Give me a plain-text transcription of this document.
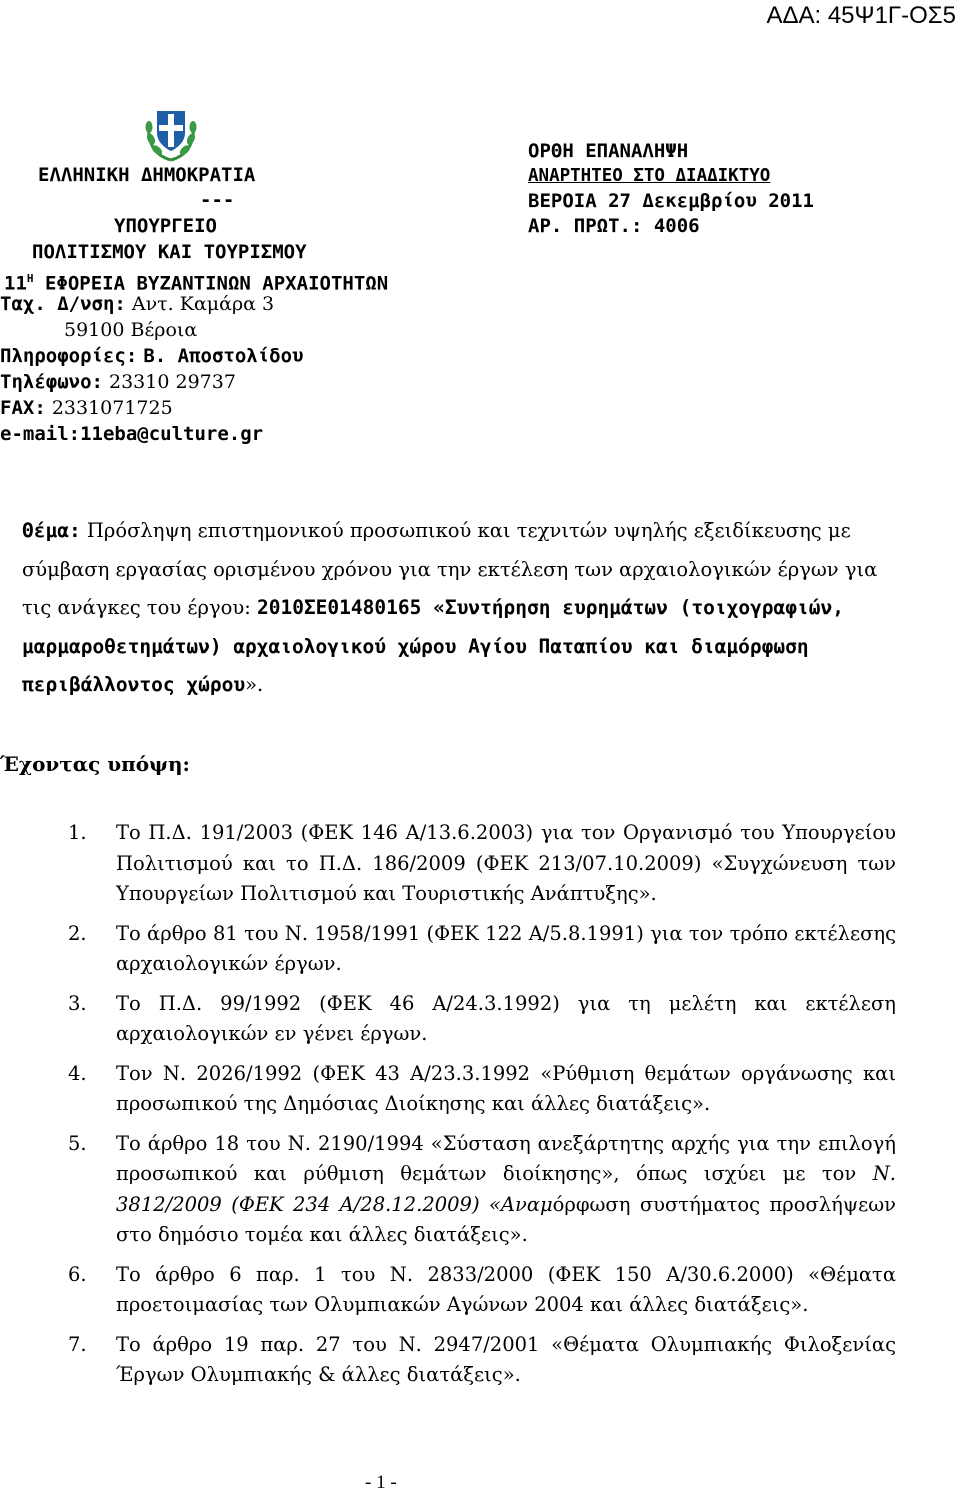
ΑΔΑ: 45Ψ1Γ-ΟΣ5
ΕΛΛΗΝΙΚΗ ΔΗΜΟΚΡΑΤΙΑ
---
ΥΠΟΥΡΓΕΙΟ
ΠΟΛΙΤΙΣΜΟΥ ΚΑΙ ΤΟΥΡΙΣΜΟΥ
$11^H$ ΕΦΟΡΕΙΑ ΒΥΖΑΝΤΙΝΩΝ ΑΡΧΑΙΟΤΗΤΩΝ
Ταχ. Δ/νση: Αντ. Καμάρα 3
59100 Βέροια
Πληροφορίες: Β. Αποστολίδου
Τηλέφωνο: 23310 29737
FAX: 2331071725
e-mail:11eba@culture.gr
ΟΡΘΗ ΕΠΑΝΑΛΗΨΗ
ΑΝΑΡΤΗΤΕΟ ΣΤΟ ΔΙΑΔΙΚΤΥΟ
ΒΕΡΟΙΑ 27 Δεκεμβρίου 2011
ΑΡ. ΠΡΩΤ.: 4006
Θέμα: Πρόσληψη επιστημονικού προσωπικού και τεχνιτών υψηλής εξειδίκευσης με σύμβαση εργασίας ορισμένου χρόνου για την εκτέλεση των αρχαιολογικών έργων για τις ανάγκες του έργου: 2010ΣΕ01480165 «Συντήρηση ευρημάτων (τοιχογραφιών, μαρμαροθετημάτων) αρχαιολογικού χώρου Αγίου Παταπίου και διαμόρφωση περιβάλλοντος χώρου».
Έχοντας υπόψη:
1.	Το Π.Δ. 191/2003 (ΦΕΚ 146 Α/13.6.2003) για τον Οργανισμό του Υπουργείου Πολιτισμού και το Π.Δ. 186/2009 (ΦΕΚ 213/07.10.2009) «Συγχώνευση των Υπουργείων Πολιτισμού και Τουριστικής Ανάπτυξης».
2.	Το άρθρο 81 του Ν. 1958/1991 (ΦΕΚ 122 Α/5.8.1991) για τον τρόπο εκτέλεσης αρχαιολογικών έργων.
3.	Το Π.Δ. 99/1992 (ΦΕΚ 46 Α/24.3.1992) για τη μελέτη και εκτέλεση αρχαιολογικών εν γένει έργων.
4.	Τον Ν. 2026/1992 (ΦΕΚ 43 Α/23.3.1992 «Ρύθμιση θεμάτων οργάνωσης και προσωπικού της Δημόσιας Διοίκησης και άλλες διατάξεις».
5.	Το άρθρο 18 του Ν. 2190/1994 «Σύσταση ανεξάρτητης αρχής για την επιλογή προσωπικού και ρύθμιση θεμάτων διοίκησης», όπως ισχύει με τον Ν. 3812/2009 (ΦΕΚ 234 Α/28.12.2009) «Αναμόρφωση συστήματος προσλήψεων στο δημόσιο τομέα και άλλες διατάξεις».
6.	Το άρθρο 6 παρ. 1 του Ν. 2833/2000 (ΦΕΚ 150 Α/30.6.2000) «Θέματα προετοιμασίας των Ολυμπιακών Αγώνων 2004 και άλλες διατάξεις».
7.	Το άρθρο 19 παρ. 27 του Ν. 2947/2001 «Θέματα Ολυμπιακής Φιλοξενίας Έργων Ολυμπιακής & άλλες διατάξεις».
- 1 -
